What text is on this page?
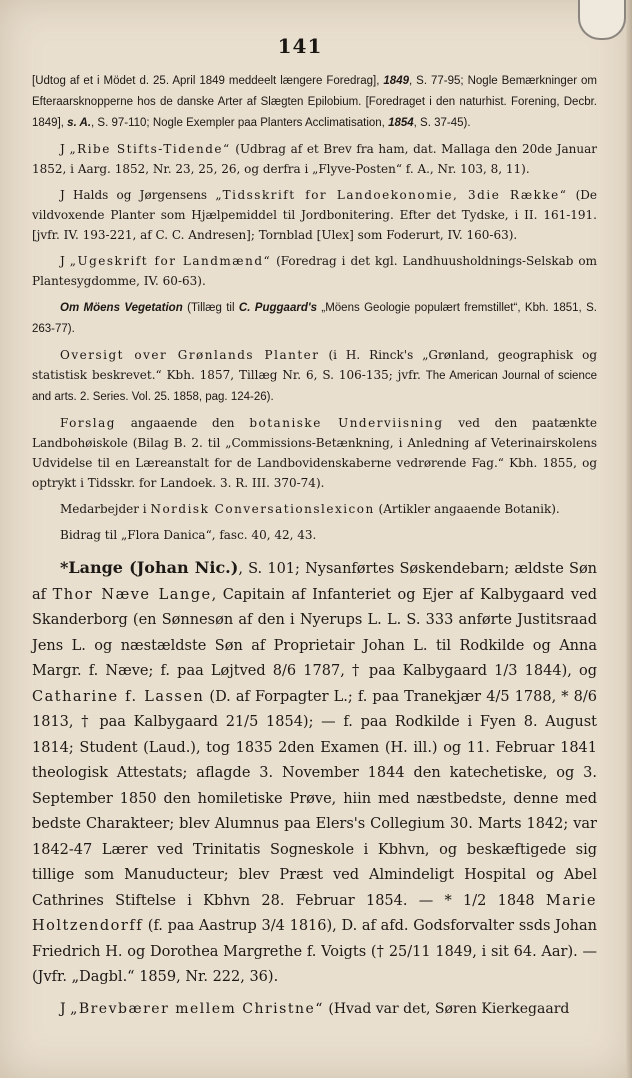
141

[Udtog af et i Mödet d. 25. April 1849 meddeelt længere Foredrag], 1849, S. 77-95; Nogle Bemærkninger om Efteraarsknopperne hos de danske Arter af Slægten Epilobium. [Foredraget i den naturhist. Forening, Decbr. 1849], s. A., S. 97-110; Nogle Exempler paa Planters Acclimatisation, 1854, S. 37-45).

J „Ribe Stifts-Tidende“ (Udbrag af et Brev fra ham, dat. Mallaga den 20de Januar 1852, i Aarg. 1852, Nr. 23, 25, 26, og derfra i „Flyve-Posten“ f. A., Nr. 103, 8, 11).

J Halds og Jørgensens „Tidsskrift for Landoekonomie, 3die Række“ (De vildvoxende Planter som Hjælpemiddel til Jordbonitering. Efter det Tydske, i II. 161-191. [jvfr. IV. 193-221, af C. C. Andresen]; Tornblad [Ulex] som Foderurt, IV. 160-63).

J „Ugeskrift for Landmænd“ (Foredrag i det kgl. Landhuusholdnings-Selskab om Plantesygdomme, IV. 60-63).

Om Möens Vegetation (Tillæg til C. Puggaard's „Möens Geologie populært fremstillet“, Kbh. 1851, S. 263-77).

Oversigt over Grønlands Planter (i H. Rinck's „Grønland, geographisk og statistisk beskrevet.“ Kbh. 1857, Tillæg Nr. 6, S. 106-135; jvfr. The American Journal of science and arts. 2. Series. Vol. 25. 1858, pag. 124-26).

Forslag angaaende den botaniske Underviisning ved den paatænkte Landbohøiskole (Bilag B. 2. til „Commissions-Betænkning, i Anledning af Veterinairskolens Udvidelse til en Læreanstalt for de Landbovidenskaberne vedrørende Fag.“ Kbh. 1855, og optrykt i Tidsskr. for Landoek. 3. R. III. 370-74).

Medarbejder i Nordisk Conversationslexicon (Artikler angaaende Botanik).

Bidrag til „Flora Danica“, fasc. 40, 42, 43.

*Lange (Johan Nic.), S. 101; Nysanførtes Søskendebarn; ældste Søn af Thor Næve Lange, Capitain af Infanteriet og Ejer af Kalbygaard ved Skanderborg (en Sønnesøn af den i Nyerups L. L. S. 333 anførte Justitsraad Jens L. og næstældste Søn af Proprietair Johan L. til Rodkilde og Anna Margr. f. Næve; f. paa Løjtved 8/6 1787, † paa Kalbygaard 1/3 1844), og Catharine f. Lassen (D. af Forpagter L.; f. paa Tranekjær 4/5 1788, * 8/6 1813, † paa Kalbygaard 21/5 1854); — f. paa Rodkilde i Fyen 8. August 1814; Student (Laud.), tog 1835 2den Examen (H. ill.) og 11. Februar 1841 theologisk Attestats; aflagde 3. November 1844 den katechetiske, og 3. September 1850 den homiletiske Prøve, hiin med næstbedste, denne med bedste Charakteer; blev Alumnus paa Elers's Collegium 30. Marts 1842; var 1842-47 Lærer ved Trinitatis Sogneskole i Kbhvn, og beskæftigede sig tillige som Manuducteur; blev Præst ved Almindeligt Hospital og Abel Cathrines Stiftelse i Kbhvn 28. Februar 1854. — * 1/2 1848 Marie Holtzendorff (f. paa Aastrup 3/4 1816), D. af afd. Godsforvalter ssds Johan Friedrich H. og Dorothea Margrethe f. Voigts († 25/11 1849, i sit 64. Aar). — (Jvfr. „Dagbl.“ 1859, Nr. 222, 36).

J „Brevbærer mellem Christne“ (Hvad var det, Søren Kierkegaard
